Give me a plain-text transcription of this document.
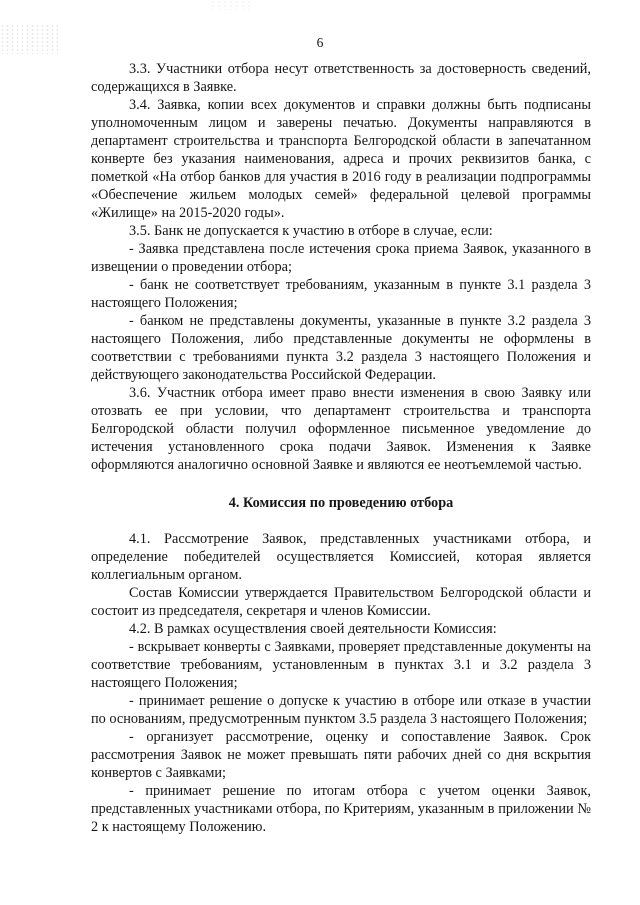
6

3.3. Участники отбора несут ответственность за достоверность сведений, содержащихся в Заявке.

3.4. Заявка, копии всех документов и справки должны быть подписаны уполномоченным лицом и заверены печатью. Документы направляются в департамент строительства и транспорта Белгородской области в запечатанном конверте без указания наименования, адреса и прочих реквизитов банка, с пометкой «На отбор банков для участия в 2016 году в реализации подпрограммы «Обеспечение жильем молодых семей» федеральной целевой программы «Жилище» на 2015-2020 годы».

3.5. Банк не допускается к участию в отборе в случае, если:

- Заявка представлена после истечения срока приема Заявок, указанного в извещении о проведении отбора;

- банк не соответствует требованиям, указанным в пункте 3.1 раздела 3 настоящего Положения;

- банком не представлены документы, указанные в пункте 3.2 раздела 3 настоящего Положения, либо представленные документы не оформлены в соответствии с требованиями пункта 3.2 раздела 3 настоящего Положения и действующего законодательства Российской Федерации.

3.6. Участник отбора имеет право внести изменения в свою Заявку или отозвать ее при условии, что департамент строительства и транспорта Белгородской области получил оформленное письменное уведомление до истечения установленного срока подачи Заявок. Изменения к Заявке оформляются аналогично основной Заявке и являются ее неотъемлемой частью.

4. Комиссия по проведению отбора

4.1. Рассмотрение Заявок, представленных участниками отбора, и определение победителей осуществляется Комиссией, которая является коллегиальным органом.

Состав Комиссии утверждается Правительством Белгородской области и состоит из председателя, секретаря и членов Комиссии.

4.2. В рамках осуществления своей деятельности Комиссия:

- вскрывает конверты с Заявками, проверяет представленные документы на соответствие требованиям, установленным в пунктах 3.1 и 3.2 раздела 3 настоящего Положения;

- принимает решение о допуске к участию в отборе или отказе в участии по основаниям, предусмотренным пунктом 3.5 раздела 3 настоящего Положения;

- организует рассмотрение, оценку и сопоставление Заявок. Срок рассмотрения Заявок не может превышать пяти рабочих дней со дня вскрытия конвертов с Заявками;

- принимает решение по итогам отбора с учетом оценки Заявок, представленных участниками отбора, по Критериям, указанным в приложении № 2 к настоящему Положению.
